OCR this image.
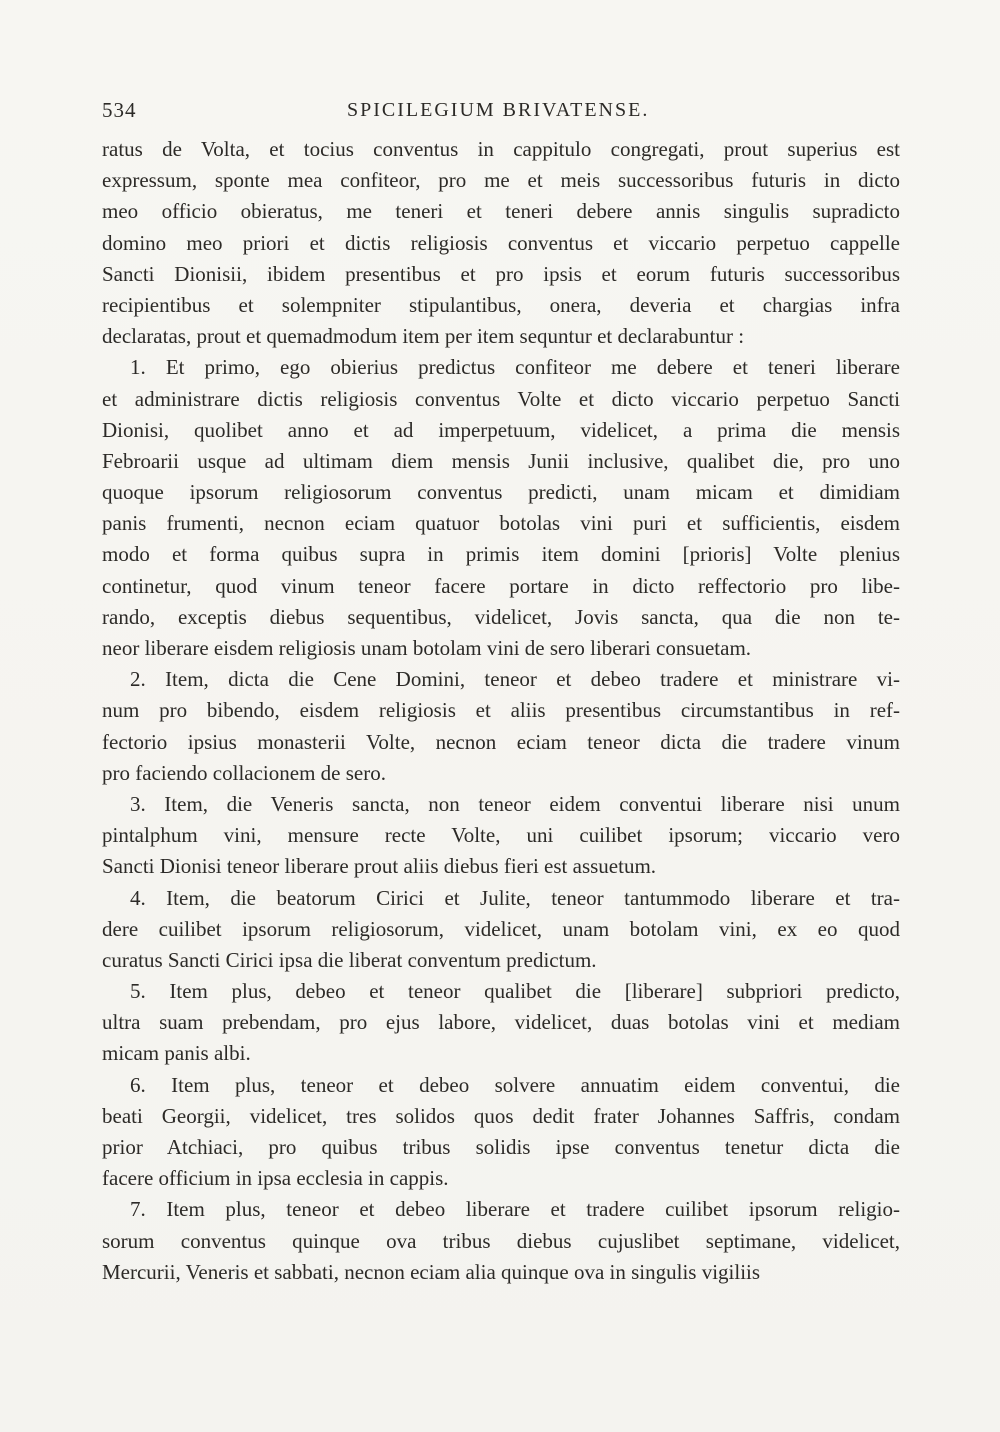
534	SPICILEGIUM BRIVATENSE.
ratus de Volta, et tocius conventus in cappitulo congregati, prout superius est
expressum, sponte mea confiteor, pro me et meis successoribus futuris in dicto
meo officio obieratus, me teneri et teneri debere annis singulis supradicto
domino meo priori et dictis religiosis conventus et viccario perpetuo cappelle
Sancti Dionisii, ibidem presentibus et pro ipsis et eorum futuris successoribus
recipientibus et solempniter stipulantibus, onera, deveria et chargias infra
declaratas, prout et quemadmodum item per item sequntur et declarabuntur :
1. Et primo, ego obierius predictus confiteor me debere et teneri liberare
et administrare dictis religiosis conventus Volte et dicto viccario perpetuo Sancti
Dionisi, quolibet anno et ad imperpetuum, videlicet, a prima die mensis
Febroarii usque ad ultimam diem mensis Junii inclusive, qualibet die, pro uno
quoque ipsorum religiosorum conventus predicti, unam micam et dimidiam
panis frumenti, necnon eciam quatuor botolas vini puri et sufficientis, eisdem
modo et forma quibus supra in primis item domini [prioris] Volte plenius
continetur, quod vinum teneor facere portare in dicto reffectorio pro libe-
rando, exceptis diebus sequentibus, videlicet, Jovis sancta, qua die non te-
neor liberare eisdem religiosis unam botolam vini de sero liberari consuetam.
2. Item, dicta die Cene Domini, teneor et debeo tradere et ministrare vi-
num pro bibendo, eisdem religiosis et aliis presentibus circumstantibus in ref-
fectorio ipsius monasterii Volte, necnon eciam teneor dicta die tradere vinum
pro faciendo collacionem de sero.
3. Item, die Veneris sancta, non teneor eidem conventui liberare nisi unum
pintalphum vini, mensure recte Volte, uni cuilibet ipsorum; viccario vero
Sancti Dionisi teneor liberare prout aliis diebus fieri est assuetum.
4. Item, die beatorum Cirici et Julite, teneor tantummodo liberare et tra-
dere cuilibet ipsorum religiosorum, videlicet, unam botolam vini, ex eo quod
curatus Sancti Cirici ipsa die liberat conventum predictum.
5. Item plus, debeo et teneor qualibet die [liberare] subpriori predicto,
ultra suam prebendam, pro ejus labore, videlicet, duas botolas vini et mediam
micam panis albi.
6. Item plus, teneor et debeo solvere annuatim eidem conventui, die
beati Georgii, videlicet, tres solidos quos dedit frater Johannes Saffris, condam
prior Atchiaci, pro quibus tribus solidis ipse conventus tenetur dicta die
facere officium in ipsa ecclesia in cappis.
7. Item plus, teneor et debeo liberare et tradere cuilibet ipsorum religio-
sorum conventus quinque ova tribus diebus cujuslibet septimane, videlicet,
Mercurii, Veneris et sabbati, necnon eciam alia quinque ova in singulis vigiliis
